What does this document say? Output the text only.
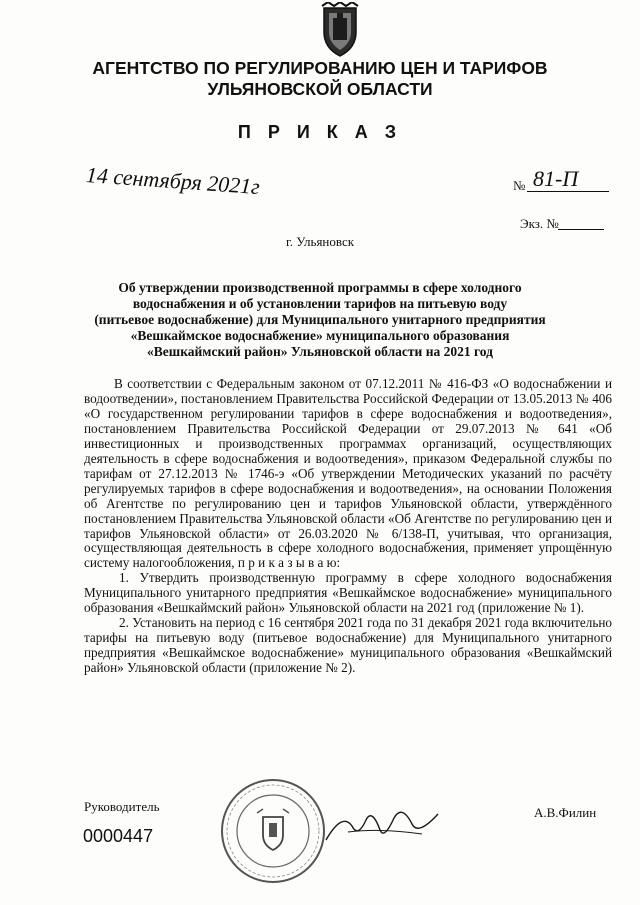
АГЕНТСТВО ПО РЕГУЛИРОВАНИЮ ЦЕН И ТАРИФОВ
УЛЬЯНОВСКОЙ ОБЛАСТИ
П Р И К А З
14 сентября 2021г	№ 81-П
Экз. №
г. Ульяновск
Об утверждении производственной программы в сфере холодного
водоснабжения и об установлении тарифов на питьевую воду
(питьевое водоснабжение) для Муниципального унитарного предприятия
«Вешкаймское водоснабжение» муниципального образования
«Вешкаймский район» Ульяновской области на 2021 год

В соответствии с Федеральным законом от 07.12.2011 № 416-ФЗ «О водоснабжении и водоотведении», постановлением Правительства Российской Федерации от 13.05.2013 № 406 «О государственном регулировании тарифов в сфере водоснабжения и водоотведения», постановлением Правительства Российской Федерации от 29.07.2013 № 641 «Об инвестиционных и производственных программах организаций, осуществляющих деятельность в сфере водоснабжения и водоотведения», приказом Федеральной службы по тарифам от 27.12.2013 № 1746-э «Об утверждении Методических указаний по расчёту регулируемых тарифов в сфере водоснабжения и водоотведения», на основании Положения об Агентстве по регулированию цен и тарифов Ульяновской области, утверждённого постановлением Правительства Ульяновской области «Об Агентстве по регулированию цен и тарифов Ульяновской области» от 26.03.2020 № 6/138-П, учитывая, что организация, осуществляющая деятельность в сфере холодного водоснабжения, применяет упрощённую систему налогообложения, п р и к а з ы в а ю:

1. Утвердить производственную программу в сфере холодного водоснабжения Муниципального унитарного предприятия «Вешкаймское водоснабжение» муниципального образования «Вешкаймский район» Ульяновской области на 2021 год (приложение № 1).

2. Установить на период с 16 сентября 2021 года по 31 декабря 2021 года включительно тарифы на питьевую воду (питьевое водоснабжение) для Муниципального унитарного предприятия «Вешкаймское водоснабжение» муниципального образования «Вешкаймский район» Ульяновской области (приложение № 2).

Руководитель	А.В.Филин
0000447
